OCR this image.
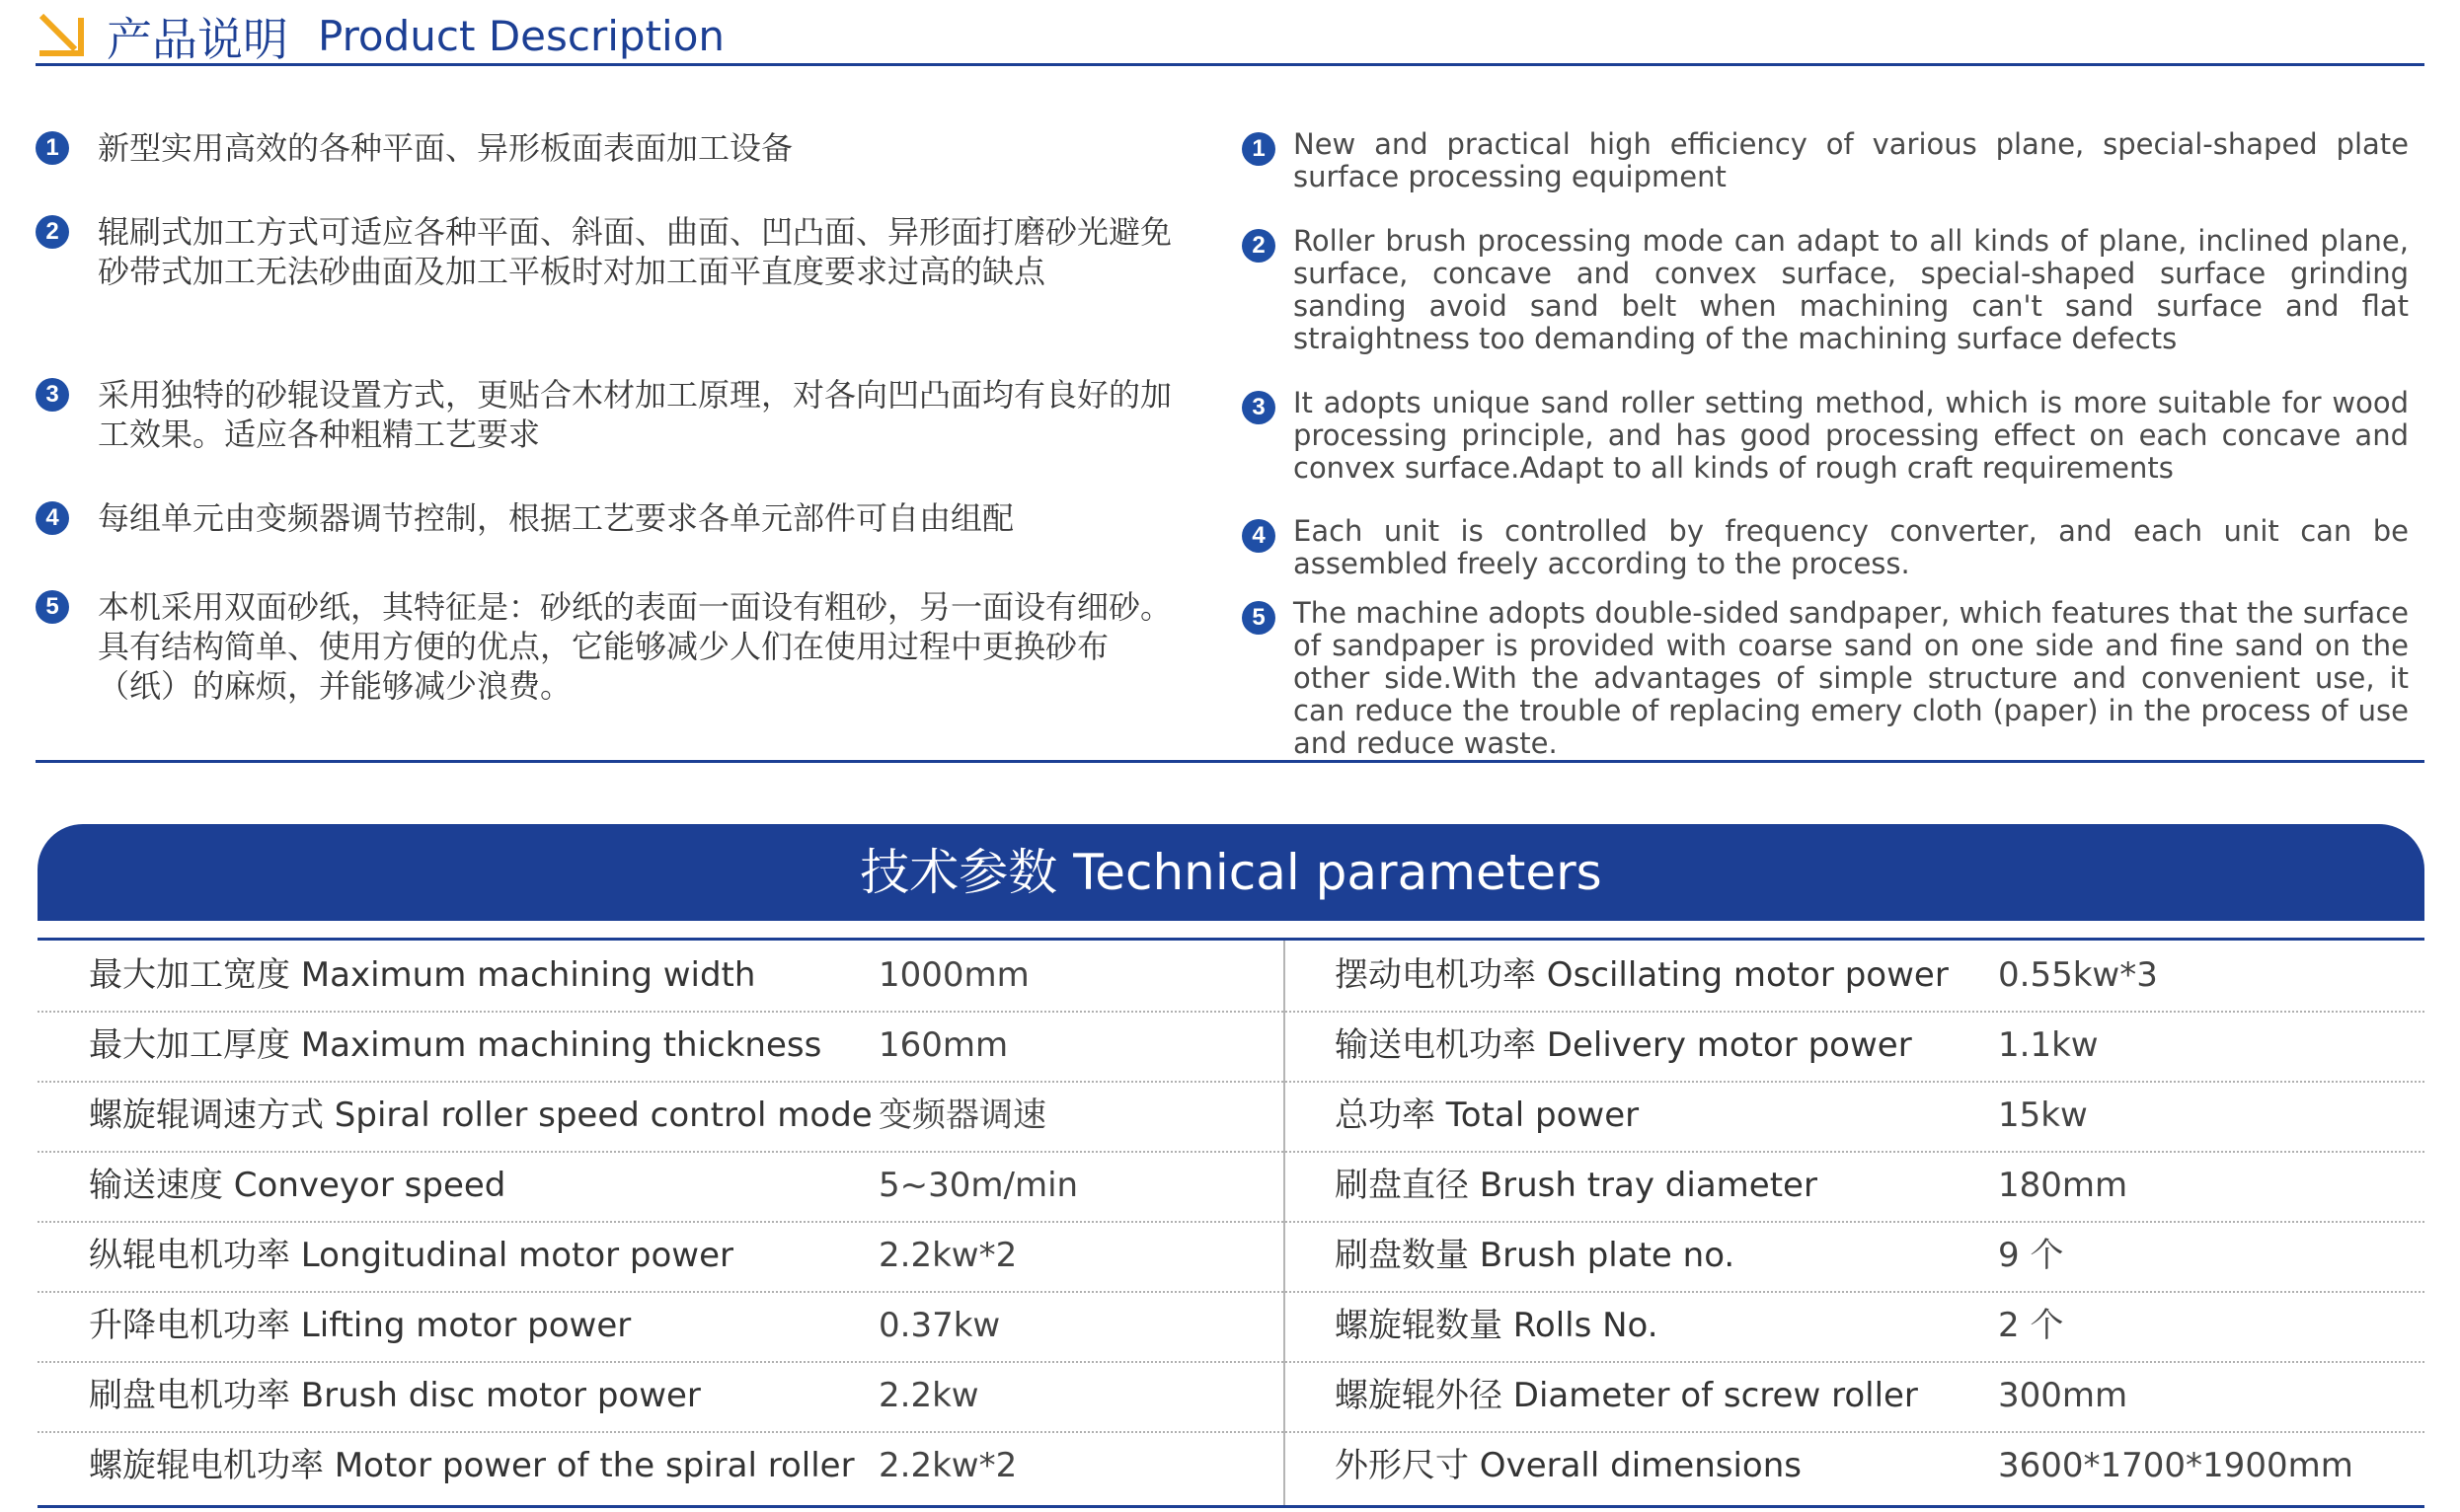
产品说明 Product Description
1	新型实用高效的各种平面、异形板面表面加工设备
2	辊刷式加工方式可适应各种平面、斜面、曲面、凹凸面、异形面打磨砂光避免砂带式加工无法砂曲面及加工平板时对加工面平直度要求过高的缺点
3	采用独特的砂辊设置方式，更贴合木材加工原理，对各向凹凸面均有良好的加工效果。适应各种粗精工艺要求
4	每组单元由变频器调节控制，根据工艺要求各单元部件可自由组配
5	本机采用双面砂纸，其特征是：砂纸的表面一面设有粗砂，另一面设有细砂。具有结构简单、使用方便的优点，它能够减少人们在使用过程中更换砂布（纸）的麻烦，并能够减少浪费。
1 New and practical high efficiency of various plane, special-shaped plate surface processing equipment
2 Roller brush processing mode can adapt to all kinds of plane, inclined plane, surface, concave and convex surface, special-shaped surface grinding sanding avoid sand belt when machining can't sand surface and flat straightness too demanding of the machining surface defects
3 It adopts unique sand roller setting method, which is more suitable for wood processing principle, and has good processing effect on each concave and convex surface.Adapt to all kinds of rough craft requirements
4 Each unit is controlled by frequency converter, and each unit can be assembled freely according to the process.
5 The machine adopts double-sided sandpaper, which features that the surface of sandpaper is provided with coarse sand on one side and fine sand on the other side.With the advantages of simple structure and convenient use, it can reduce the trouble of replacing emery cloth (paper) in the process of use and reduce waste.
技术参数 Technical parameters
最大加工宽度 Maximum machining width	1000mm	摆动电机功率 Oscillating motor power 0.55kw*3
最大加工厚度 Maximum machining thickness 160mm	输送电机功率 Delivery motor power	1.1kw
螺旋辊调速方式 Spiral roller speed control mode 变频器调速	总功率 Total power	15kw
输送速度 Conveyor speed	5~30m/min	刷盘直径 Brush tray diameter	180mm
纵辊电机功率 Longitudinal motor power	2.2kw*2	刷盘数量 Brush plate no.	9 个
升降电机功率 Lifting motor power	0.37kw	螺旋辊数量 Rolls No.	2 个
刷盘电机功率 Brush disc motor power	2.2kw	螺旋辊外径 Diameter of screw roller 300mm
螺旋辊电机功率 Motor power of the spiral roller 2.2kw*2	外形尺寸 Overall dimensions	3600*1700*1900mm
